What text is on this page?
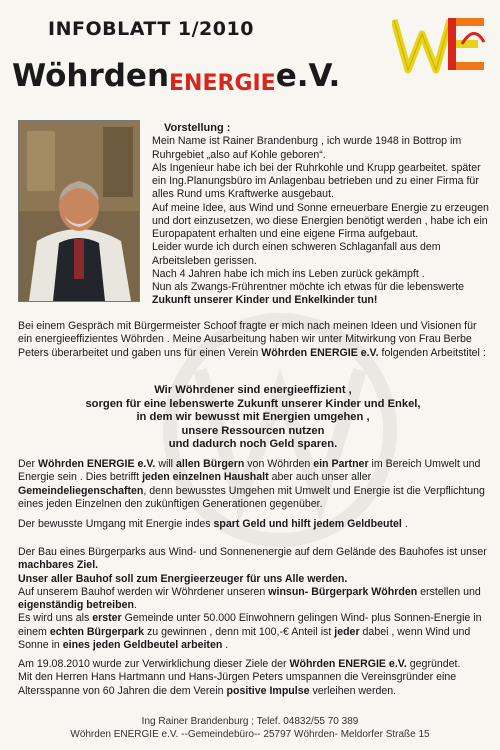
INFOBLATT 1/2010
WöhrdenENERGIEe.V.
Vorstellung :

Mein Name ist Rainer Brandenburg , ich wurde 1948 in Bottrop im Ruhrgebiet „also auf Kohle geboren“.

Als Ingenieur habe ich bei der Ruhrkohle und Krupp gearbeitet. später ein Ing.Planungsbüro im Anlagenbau betrieben und zu einer Firma für alles Rund ums Kraftwerke ausgebaut.

Auf meine Idee, aus Wind und Sonne erneuerbare Energie zu erzeugen und dort einzusetzen, wo diese Energien benötigt werden , habe ich ein Europapatent erhalten und eine eigene Firma aufgebaut.

Leider wurde ich durch einen schweren Schlaganfall aus dem Arbeitsleben gerissen.

Nach 4 Jahren habe ich mich ins Leben zurück gekämpft .

Nun als Zwangs-Frührentner möchte ich etwas für die lebenswerte Zukunft unserer Kinder und Enkelkinder tun!

Bei einem Gespräch mit Bürgermeister Schoof fragte er mich nach meinen Ideen und Visionen für ein energieeffizientes Wöhrden . Meine Ausarbeitung haben wir unter Mitwirkung von Frau Berbe Peters überarbeitet und gaben uns für einen Verein Wöhrden ENERGIE e.V. folgenden Arbeitstitel :

Wir Wöhrdener sind energieeffizient ,
sorgen für eine lebenswerte Zukunft unserer Kinder und Enkel,
in dem wir bewusst mit Energien umgehen ,
unsere Ressourcen nutzen
und dadurch noch Geld sparen.

Der Wöhrden ENERGIE e.V. will allen Bürgern von Wöhrden ein Partner im Bereich Umwelt und Energie sein . Dies betrifft jeden einzelnen Haushalt aber auch unser aller Gemeindeliegenschaften, denn bewusstes Umgehen mit Umwelt und Energie ist die Verpflichtung eines jeden Einzelnen den zukünftigen Generationen gegenüber.

Der bewusste Umgang mit Energie indes spart Geld und hilft jedem Geldbeutel .

Der Bau eines Bürgerparks aus Wind- und Sonnenenergie auf dem Gelände des Bauhofes ist unser machbares Ziel.

Unser aller Bauhof soll zum Energieerzeuger für uns Alle werden.

Auf unserem Bauhof werden wir Wöhrdener unseren winsun- Bürgerpark Wöhrden erstellen und eigenständig betreiben.

Es wird uns als erster Gemeinde unter 50.000 Einwohnern gelingen Wind- plus Sonnen-Energie in einem echten Bürgerpark zu gewinnen , denn mit 100,-€ Anteil ist jeder dabei , wenn Wind und Sonne in eines jeden Geldbeutel arbeiten .

Am 19.08.2010 wurde zur Verwirklichung dieser Ziele der Wöhrden ENERGIE e.V. gegründet.

Mit den Herren Hans Hartmann und Hans-Jürgen Peters umspannen die Vereinsgründer eine Altersspanne von 60 Jahren die dem Verein positive Impulse verleihen werden.

Ing Rainer Brandenburg ; Telef. 04832/55 70 389
Wöhrden ENERGIE e.V. --Gemeindebüro-- 25797 Wöhrden- Meldorfer Straße 15
